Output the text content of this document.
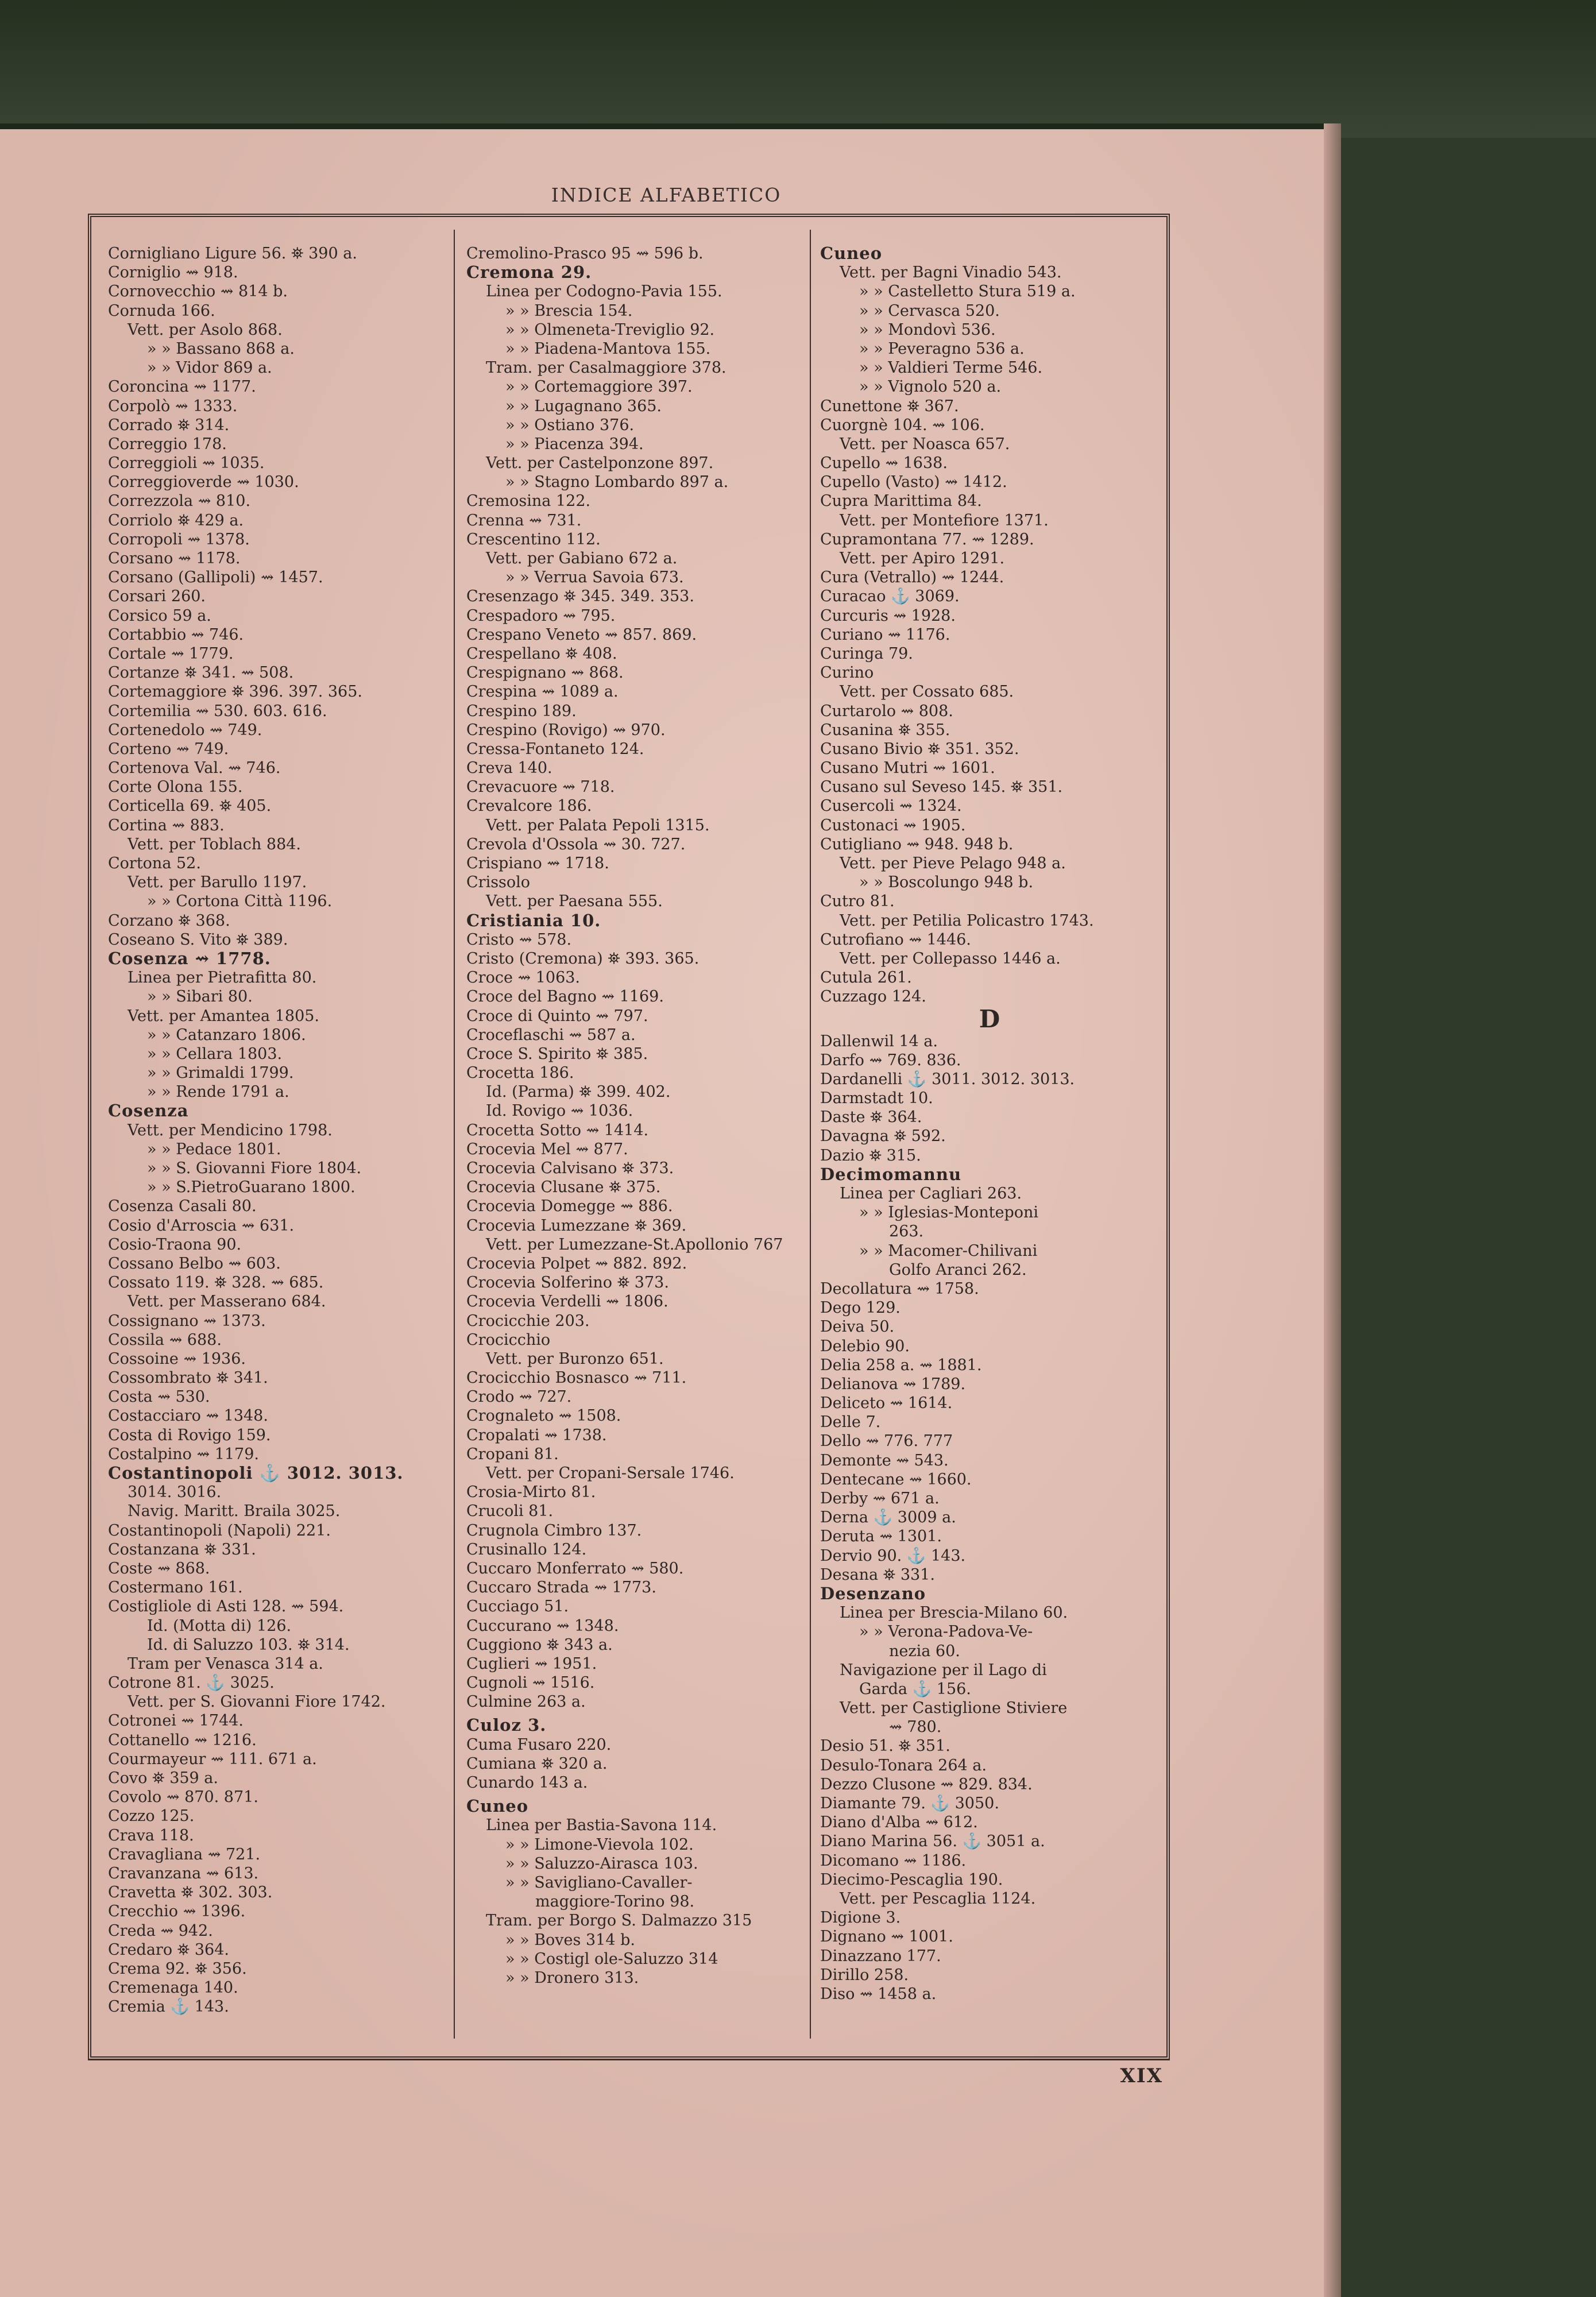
INDICE ALFABETICO
Cornigliano Ligure 56. ⛯ 390 a.
Corniglio ⇝ 918.
Cornovecchio ⇝ 814 b.
Cornuda 166.
Vett. per Asolo 868.
» » Bassano 868 a.
» » Vidor 869 a.
Coroncina ⇝ 1177.
Corpolò ⇝ 1333.
Corrado ⛯ 314.
Correggio 178.
Correggioli ⇝ 1035.
Correggioverde ⇝ 1030.
Correzzola ⇝ 810.
Corriolo ⛯ 429 a.
Corropoli ⇝ 1378.
Corsano ⇝ 1178.
Corsano (Gallipoli) ⇝ 1457.
Corsari 260.
Corsico 59 a.
Cortabbio ⇝ 746.
Cortale ⇝ 1779.
Cortanze ⛯ 341. ⇝ 508.
Cortemaggiore ⛯ 396. 397. 365.
Cortemilia ⇝ 530. 603. 616.
Cortenedolo ⇝ 749.
Corteno ⇝ 749.
Cortenova Val. ⇝ 746.
Corte Olona 155.
Corticella 69. ⛯ 405.
Cortina ⇝ 883.
Vett. per Toblach 884.
Cortona 52.
Vett. per Barullo 1197.
» » Cortona Città 1196.
Corzano ⛯ 368.
Coseano S. Vito ⛯ 389.
Cosenza ⇝ 1778.
Linea per Pietrafitta 80.
» » Sibari 80.
Vett. per Amantea 1805.
» » Catanzaro 1806.
» » Cellara 1803.
» » Grimaldi 1799.
» » Rende 1791 a.
Cosenza
Vett. per Mendicino 1798.
» » Pedace 1801.
» » S. Giovanni Fiore 1804.
» » S.PietroGuarano 1800.
Cosenza Casali 80.
Cosio d'Arroscia ⇝ 631.
Cosio-Traona 90.
Cossano Belbo ⇝ 603.
Cossato 119. ⛯ 328. ⇝ 685.
Vett. per Masserano 684.
Cossignano ⇝ 1373.
Cossila ⇝ 688.
Cossoine ⇝ 1936.
Cossombrato ⛯ 341.
Costa ⇝ 530.
Costacciaro ⇝ 1348.
Costa di Rovigo 159.
Costalpino ⇝ 1179.
Costantinopoli ⚓ 3012. 3013.
3014. 3016.
Navig. Maritt. Braila 3025.
Costantinopoli (Napoli) 221.
Costanzana ⛯ 331.
Coste ⇝ 868.
Costermano 161.
Costigliole di Asti 128. ⇝ 594.
Id. (Motta di) 126.
Id. di Saluzzo 103. ⛯ 314.
Tram per Venasca 314 a.
Cotrone 81. ⚓ 3025.
Vett. per S. Giovanni Fiore 1742.
Cotronei ⇝ 1744.
Cottanello ⇝ 1216.
Courmayeur ⇝ 111. 671 a.
Covo ⛯ 359 a.
Covolo ⇝ 870. 871.
Cozzo 125.
Crava 118.
Cravagliana ⇝ 721.
Cravanzana ⇝ 613.
Cravetta ⛯ 302. 303.
Crecchio ⇝ 1396.
Creda ⇝ 942.
Credaro ⛯ 364.
Crema 92. ⛯ 356.
Cremenaga 140.
Cremia ⚓ 143.
Cremolino-Prasco 95 ⇝ 596 b.
Cremona 29.
Linea per Codogno-Pavia 155.
» » Brescia 154.
» » Olmeneta-Treviglio 92.
» » Piadena-Mantova 155.
Tram. per Casalmaggiore 378.
» » Cortemaggiore 397.
» » Lugagnano 365.
» » Ostiano 376.
» » Piacenza 394.
Vett. per Castelponzone 897.
» » Stagno Lombardo 897 a.
Cremosina 122.
Crenna ⇝ 731.
Crescentino 112.
Vett. per Gabiano 672 a.
» » Verrua Savoia 673.
Cresenzago ⛯ 345. 349. 353.
Crespadoro ⇝ 795.
Crespano Veneto ⇝ 857. 869.
Crespellano ⛯ 408.
Crespignano ⇝ 868.
Crespina ⇝ 1089 a.
Crespino 189.
Crespino (Rovigo) ⇝ 970.
Cressa-Fontaneto 124.
Creva 140.
Crevacuore ⇝ 718.
Crevalcore 186.
Vett. per Palata Pepoli 1315.
Crevola d'Ossola ⇝ 30. 727.
Crispiano ⇝ 1718.
Crissolo
Vett. per Paesana 555.
Cristiania 10.
Cristo ⇝ 578.
Cristo (Cremona) ⛯ 393. 365.
Croce ⇝ 1063.
Croce del Bagno ⇝ 1169.
Croce di Quinto ⇝ 797.
Croceflaschi ⇝ 587 a.
Croce S. Spirito ⛯ 385.
Crocetta 186.
Id. (Parma) ⛯ 399. 402.
Id. Rovigo ⇝ 1036.
Crocetta Sotto ⇝ 1414.
Crocevia Mel ⇝ 877.
Crocevia Calvisano ⛯ 373.
Crocevia Clusane ⛯ 375.
Crocevia Domegge ⇝ 886.
Crocevia Lumezzane ⛯ 369.
Vett. per Lumezzane-St.Apollonio 767
Crocevia Polpet ⇝ 882. 892.
Crocevia Solferino ⛯ 373.
Crocevia Verdelli ⇝ 1806.
Crocicchie 203.
Crocicchio
Vett. per Buronzo 651.
Crocicchio Bosnasco ⇝ 711.
Crodo ⇝ 727.
Crognaleto ⇝ 1508.
Cropalati ⇝ 1738.
Cropani 81.
Vett. per Cropani-Sersale 1746.
Crosia-Mirto 81.
Crucoli 81.
Crugnola Cimbro 137.
Crusinallo 124.
Cuccaro Monferrato ⇝ 580.
Cuccaro Strada ⇝ 1773.
Cucciago 51.
Cuccurano ⇝ 1348.
Cuggiono ⛯ 343 a.
Cuglieri ⇝ 1951.
Cugnoli ⇝ 1516.
Culmine 263 a.
Culoz 3.
Cuma Fusaro 220.
Cumiana ⛯ 320 a.
Cunardo 143 a.
Cuneo
Linea per Bastia-Savona 114.
» » Limone-Vievola 102.
» » Saluzzo-Airasca 103.
» » Savigliano-Cavaller-
maggiore-Torino 98.
Tram. per Borgo S. Dalmazzo 315
» » Boves 314 b.
» » Costigl ole-Saluzzo 314
» » Dronero 313.
Cuneo
Vett. per Bagni Vinadio 543.
» » Castelletto Stura 519 a.
» » Cervasca 520.
» » Mondovì 536.
» » Peveragno 536 a.
» » Valdieri Terme 546.
» » Vignolo 520 a.
Cunettone ⛯ 367.
Cuorgnè 104. ⇝ 106.
Vett. per Noasca 657.
Cupello ⇝ 1638.
Cupello (Vasto) ⇝ 1412.
Cupra Marittima 84.
Vett. per Montefiore 1371.
Cupramontana 77. ⇝ 1289.
Vett. per Apiro 1291.
Cura (Vetrallo) ⇝ 1244.
Curacao ⚓ 3069.
Curcuris ⇝ 1928.
Curiano ⇝ 1176.
Curinga 79.
Curino
Vett. per Cossato 685.
Curtarolo ⇝ 808.
Cusanina ⛯ 355.
Cusano Bivio ⛯ 351. 352.
Cusano Mutri ⇝ 1601.
Cusano sul Seveso 145. ⛯ 351.
Cusercoli ⇝ 1324.
Custonaci ⇝ 1905.
Cutigliano ⇝ 948. 948 b.
Vett. per Pieve Pelago 948 a.
» » Boscolungo 948 b.
Cutro 81.
Vett. per Petilia Policastro 1743.
Cutrofiano ⇝ 1446.
Vett. per Collepasso 1446 a.
Cutula 261.
Cuzzago 124.
D
Dallenwil 14 a.
Darfo ⇝ 769. 836.
Dardanelli ⚓ 3011. 3012. 3013.
Darmstadt 10.
Daste ⛯ 364.
Davagna ⛯ 592.
Dazio ⛯ 315.
Decimomannu
Linea per Cagliari 263.
» » Iglesias-Monteponi
263.
» » Macomer-Chilivani
Golfo Aranci 262.
Decollatura ⇝ 1758.
Dego 129.
Deiva 50.
Delebio 90.
Delia 258 a. ⇝ 1881.
Delianova ⇝ 1789.
Deliceto ⇝ 1614.
Delle 7.
Dello ⇝ 776. 777
Demonte ⇝ 543.
Dentecane ⇝ 1660.
Derby ⇝ 671 a.
Derna ⚓ 3009 a.
Deruta ⇝ 1301.
Dervio 90. ⚓ 143.
Desana ⛯ 331.
Desenzano
Linea per Brescia-Milano 60.
» » Verona-Padova-Ve-
nezia 60.
Navigazione per il Lago di
Garda ⚓ 156.
Vett. per Castiglione Stiviere
⇝ 780.
Desio 51. ⛯ 351.
Desulo-Tonara 264 a.
Dezzo Clusone ⇝ 829. 834.
Diamante 79. ⚓ 3050.
Diano d'Alba ⇝ 612.
Diano Marina 56. ⚓ 3051 a.
Dicomano ⇝ 1186.
Diecimo-Pescaglia 190.
Vett. per Pescaglia 1124.
Digione 3.
Dignano ⇝ 1001.
Dinazzano 177.
Dirillo 258.
Diso ⇝ 1458 a.
XIX
